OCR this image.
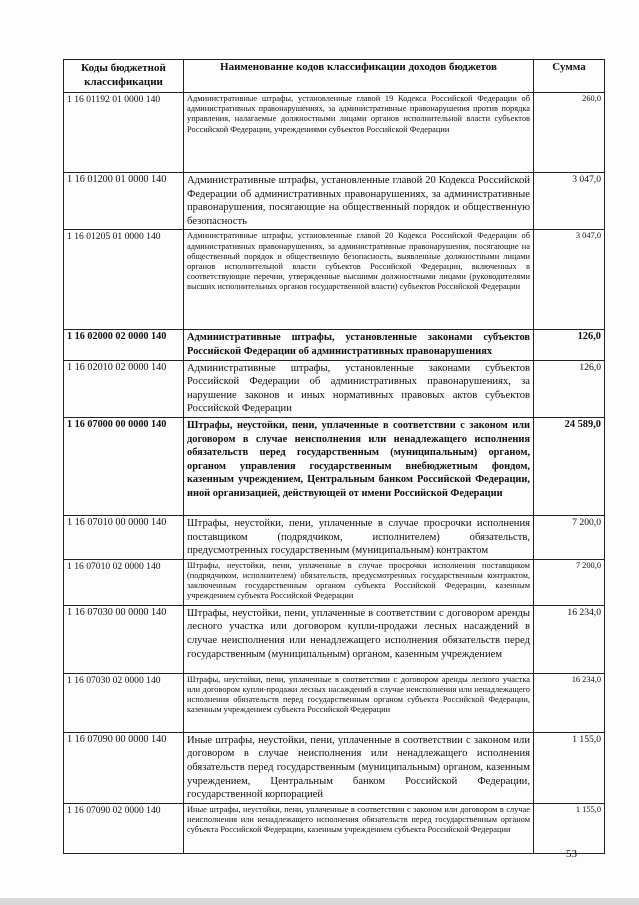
Коды бюджетной классификации	Наименование кодов классификации доходов бюджетов	Сумма
1 16 01192 01 0000 140	Административные штрафы, установленные главой 19 Кодекса Российской Федерации об административных правонарушениях, за административные правонарушения против порядка управления, налагаемые должностными лицами органов исполнительной власти субъектов Российской Федерации, учреждениями субъектов Российской Федерации	260,0
1 16 01200 01 0000 140	Административные штрафы, установленные главой 20 Кодекса Российской Федерации об административных правонарушениях, за административные правонарушения, посягающие на общественный порядок и общественную безопасность	3 047,0
1 16 01205 01 0000 140	Административные штрафы, установленные главой 20 Кодекса Российской Федерации об административных правонарушениях, за административные правонарушения, посягающие на общественный порядок и общественную безопасность, выявленные должностными лицами органов исполнительной власти субъектов Российской Федерации, включенных в соответствующие перечни, утвержденные высшими должностными лицами (руководителями высших исполнительных органов государственной власти) субъектов Российской Федерации	3 047,0
1 16 02000 02 0000 140	Административные штрафы, установленные законами субъектов Российской Федерации об административных правонарушениях	126,0
1 16 02010 02 0000 140	Административные штрафы, установленные законами субъектов Российской Федерации об административных правонарушениях, за нарушение законов и иных нормативных правовых актов субъектов Российской Федерации	126,0
1 16 07000 00 0000 140	Штрафы, неустойки, пени, уплаченные в соответствии с законом или договором в случае неисполнения или ненадлежащего исполнения обязательств перед государственным (муниципальным) органом, органом управления государственным внебюджетным фондом, казенным учреждением, Центральным банком Российской Федерации, иной организацией, действующей от имени Российской Федерации	24 589,0
1 16 07010 00 0000 140	Штрафы, неустойки, пени, уплаченные в случае просрочки исполнения поставщиком (подрядчиком, исполнителем) обязательств, предусмотренных государственным (муниципальным) контрактом	7 200,0
1 16 07010 02 0000 140	Штрафы, неустойки, пени, уплаченные в случае просрочки исполнения поставщиком (подрядчиком, исполнителем) обязательств, предусмотренных государственным контрактом, заключенным государственным органом субъекта Российской Федерации, казенным учреждением субъекта Российской Федерации	7 200,0
1 16 07030 00 0000 140	Штрафы, неустойки, пени, уплаченные в соответствии с договором аренды лесного участка или договором купли-продажи лесных насаждений в случае неисполнения или ненадлежащего исполнения обязательств перед государственным (муниципальным) органом, казенным учреждением	16 234,0
1 16 07030 02 0000 140	Штрафы, неустойки, пени, уплаченные в соответствии с договором аренды лесного участка или договором купли-продажи лесных насаждений в случае неисполнения или ненадлежащего исполнения обязательств перед государственным органом субъекта Российской Федерации, казенным учреждением субъекта Российской Федерации	16 234,0
1 16 07090 00 0000 140	Иные штрафы, неустойки, пени, уплаченные в соответствии с законом или договором в случае неисполнения или ненадлежащего исполнения обязательств перед государственным (муниципальным) органом, казенным учреждением, Центральным банком Российской Федерации, государственной корпорацией	1 155,0
1 16 07090 02 0000 140	Иные штрафы, неустойки, пени, уплаченные в соответствии с законом или договором в случае неисполнения или ненадлежащего исполнения обязательств перед государственным органом субъекта Российской Федерации, казенным учреждением субъекта Российской Федерации	1 155,0
53
